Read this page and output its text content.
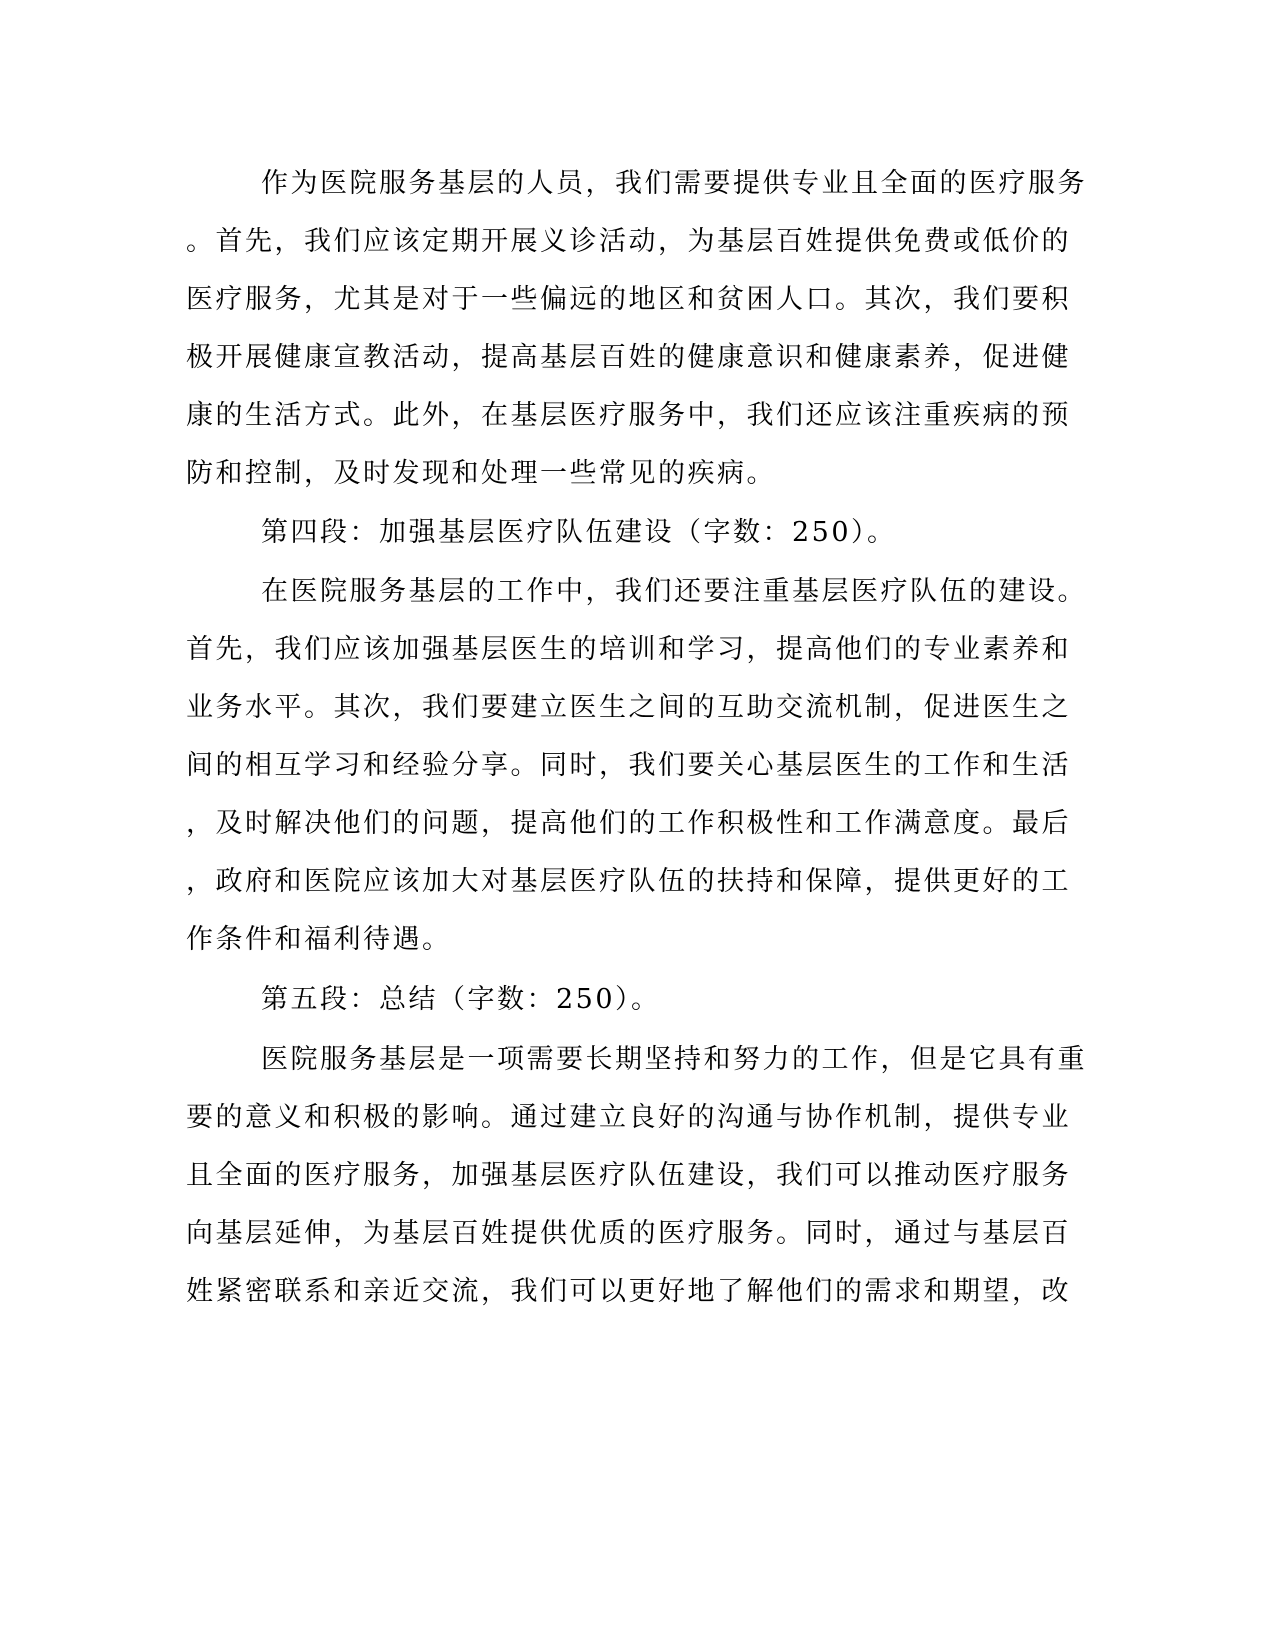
作为医院服务基层的人员，我们需要提供专业且全面的医疗服务
。首先，我们应该定期开展义诊活动，为基层百姓提供免费或低价的
医疗服务，尤其是对于一些偏远的地区和贫困人口。其次，我们要积
极开展健康宣教活动，提高基层百姓的健康意识和健康素养，促进健
康的生活方式。此外，在基层医疗服务中，我们还应该注重疾病的预
防和控制，及时发现和处理一些常见的疾病。
第四段：加强基层医疗队伍建设（字数：250）。
在医院服务基层的工作中，我们还要注重基层医疗队伍的建设。
首先，我们应该加强基层医生的培训和学习，提高他们的专业素养和
业务水平。其次，我们要建立医生之间的互助交流机制，促进医生之
间的相互学习和经验分享。同时，我们要关心基层医生的工作和生活
，及时解决他们的问题，提高他们的工作积极性和工作满意度。最后
，政府和医院应该加大对基层医疗队伍的扶持和保障，提供更好的工
作条件和福利待遇。
第五段：总结（字数：250）。
医院服务基层是一项需要长期坚持和努力的工作，但是它具有重
要的意义和积极的影响。通过建立良好的沟通与协作机制，提供专业
且全面的医疗服务，加强基层医疗队伍建设，我们可以推动医疗服务
向基层延伸，为基层百姓提供优质的医疗服务。同时，通过与基层百
姓紧密联系和亲近交流，我们可以更好地了解他们的需求和期望，改
